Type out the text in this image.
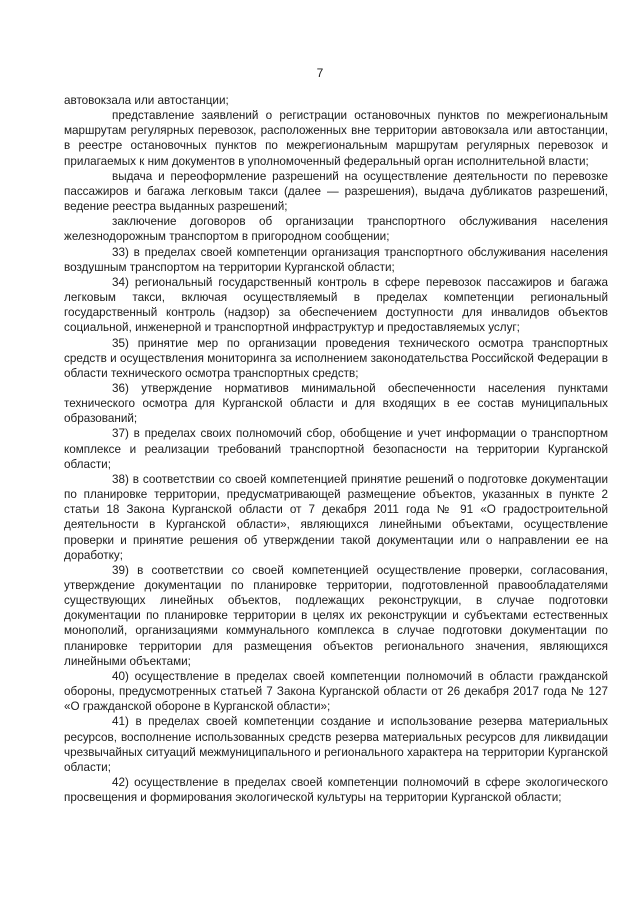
7

автовокзала или автостанции;

представление заявлений о регистрации остановочных пунктов по межрегиональным маршрутам регулярных перевозок, расположенных вне территории автовокзала или автостанции, в реестре остановочных пунктов по межрегиональным маршрутам регулярных перевозок и прилагаемых к ним документов в уполномоченный федеральный орган исполнительной власти;

выдача и переоформление разрешений на осуществление деятельности по перевозке пассажиров и багажа легковым такси (далее — разрешения), выдача дубликатов разрешений, ведение реестра выданных разрешений;

заключение договоров об организации транспортного обслуживания населения железнодорожным транспортом в пригородном сообщении;

33) в пределах своей компетенции организация транспортного обслуживания населения воздушным транспортом на территории Курганской области;

34) региональный государственный контроль в сфере перевозок пассажиров и багажа легковым такси, включая осуществляемый в пределах компетенции региональный государственный контроль (надзор) за обеспечением доступности для инвалидов объектов социальной, инженерной и транспортной инфраструктур и предоставляемых услуг;

35) принятие мер по организации проведения технического осмотра транспортных средств и осуществления мониторинга за исполнением законодательства Российской Федерации в области технического осмотра транспортных средств;

36) утверждение нормативов минимальной обеспеченности населения пунктами технического осмотра для Курганской области и для входящих в ее состав муниципальных образований;

37) в пределах своих полномочий сбор, обобщение и учет информации о транспортном комплексе и реализации требований транспортной безопасности на территории Курганской области;

38) в соответствии со своей компетенцией принятие решений о подготовке документации по планировке территории, предусматривающей размещение объектов, указанных в пункте 2 статьи 18 Закона Курганской области от 7 декабря 2011 года № 91 «О градостроительной деятельности в Курганской области», являющихся линейными объектами, осуществление проверки и принятие решения об утверждении такой документации или о направлении ее на доработку;

39) в соответствии со своей компетенцией осуществление проверки, согласования, утверждение документации по планировке территории, подготовленной правообладателями существующих линейных объектов, подлежащих реконструкции, в случае подготовки документации по планировке территории в целях их реконструкции и субъектами естественных монополий, организациями коммунального комплекса в случае подготовки документации по планировке территории для размещения объектов регионального значения, являющихся линейными объектами;

40) осуществление в пределах своей компетенции полномочий в области гражданской обороны, предусмотренных статьей 7 Закона Курганской области от 26 декабря 2017 года № 127 «О гражданской обороне в Курганской области»;

41) в пределах своей компетенции создание и использование резерва материальных ресурсов, восполнение использованных средств резерва материальных ресурсов для ликвидации чрезвычайных ситуаций межмуниципального и регионального характера на территории Курганской области;

42) осуществление в пределах своей компетенции полномочий в сфере экологического просвещения и формирования экологической культуры на территории Курганской области;
